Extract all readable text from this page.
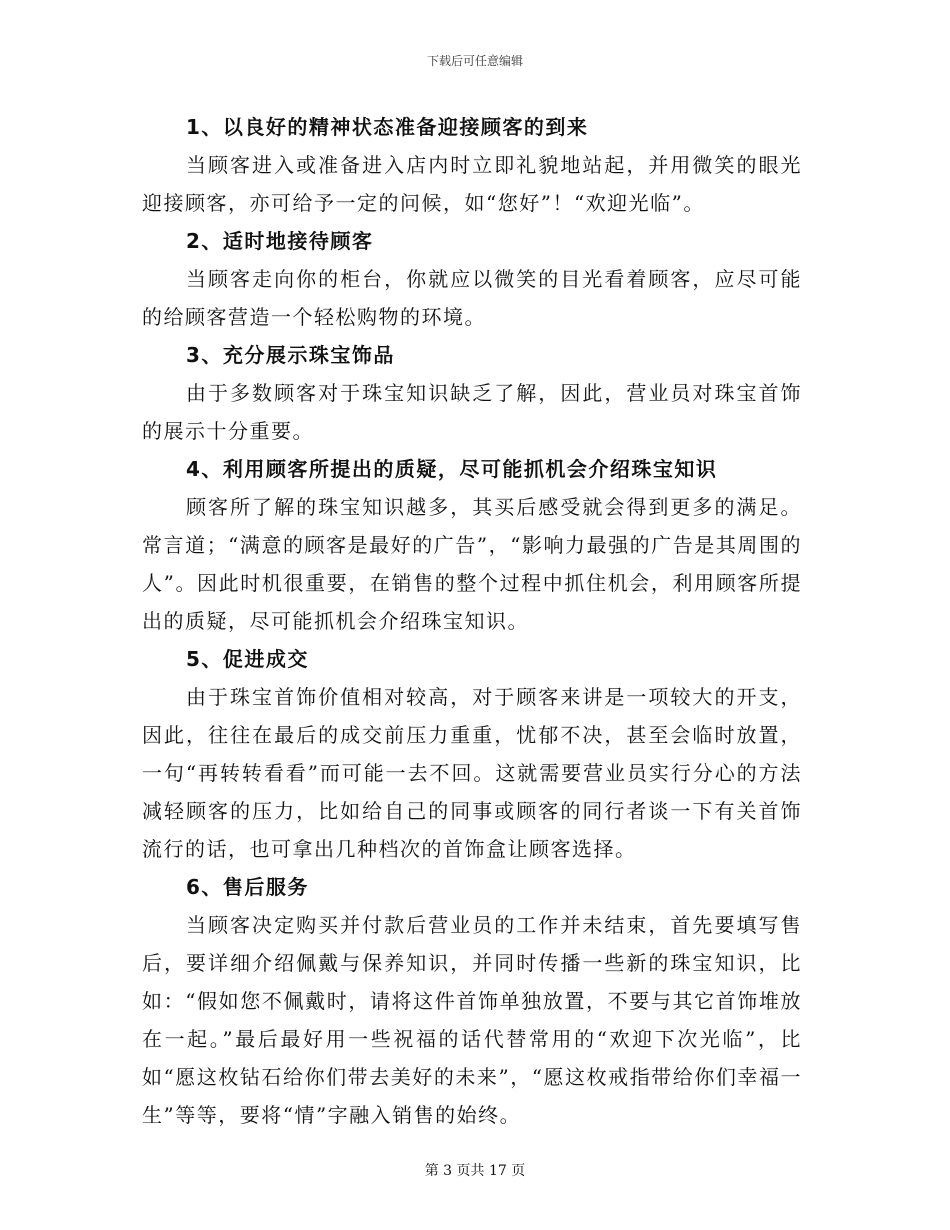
下载后可任意编辑

1、以良好的精神状态准备迎接顾客的到来

当顾客进入或准备进入店内时立即礼貌地站起，并用微笑的眼光迎接顾客，亦可给予一定的问候，如“您好”！“欢迎光临”。

2、适时地接待顾客

当顾客走向你的柜台，你就应以微笑的目光看着顾客，应尽可能的给顾客营造一个轻松购物的环境。

3、充分展示珠宝饰品

由于多数顾客对于珠宝知识缺乏了解，因此，营业员对珠宝首饰的展示十分重要。

4、利用顾客所提出的质疑，尽可能抓机会介绍珠宝知识

顾客所了解的珠宝知识越多，其买后感受就会得到更多的满足。常言道；“满意的顾客是最好的广告”，“影响力最强的广告是其周围的人”。因此时机很重要，在销售的整个过程中抓住机会，利用顾客所提出的质疑，尽可能抓机会介绍珠宝知识。

5、促进成交

由于珠宝首饰价值相对较高，对于顾客来讲是一项较大的开支，因此，往往在最后的成交前压力重重，忧郁不决，甚至会临时放置，一句“再转转看看”而可能一去不回。这就需要营业员实行分心的方法减轻顾客的压力，比如给自己的同事或顾客的同行者谈一下有关首饰流行的话，也可拿出几种档次的首饰盒让顾客选择。

6、售后服务

当顾客决定购买并付款后营业员的工作并未结束，首先要填写售后，要详细介绍佩戴与保养知识，并同时传播一些新的珠宝知识，比如：“假如您不佩戴时，请将这件首饰单独放置，不要与其它首饰堆放在一起。”最后最好用一些祝福的话代替常用的“欢迎下次光临”，比如“愿这枚钻石给你们带去美好的未来”，“愿这枚戒指带给你们幸福一生”等等，要将“情”字融入销售的始终。

第 3 页共 17 页
